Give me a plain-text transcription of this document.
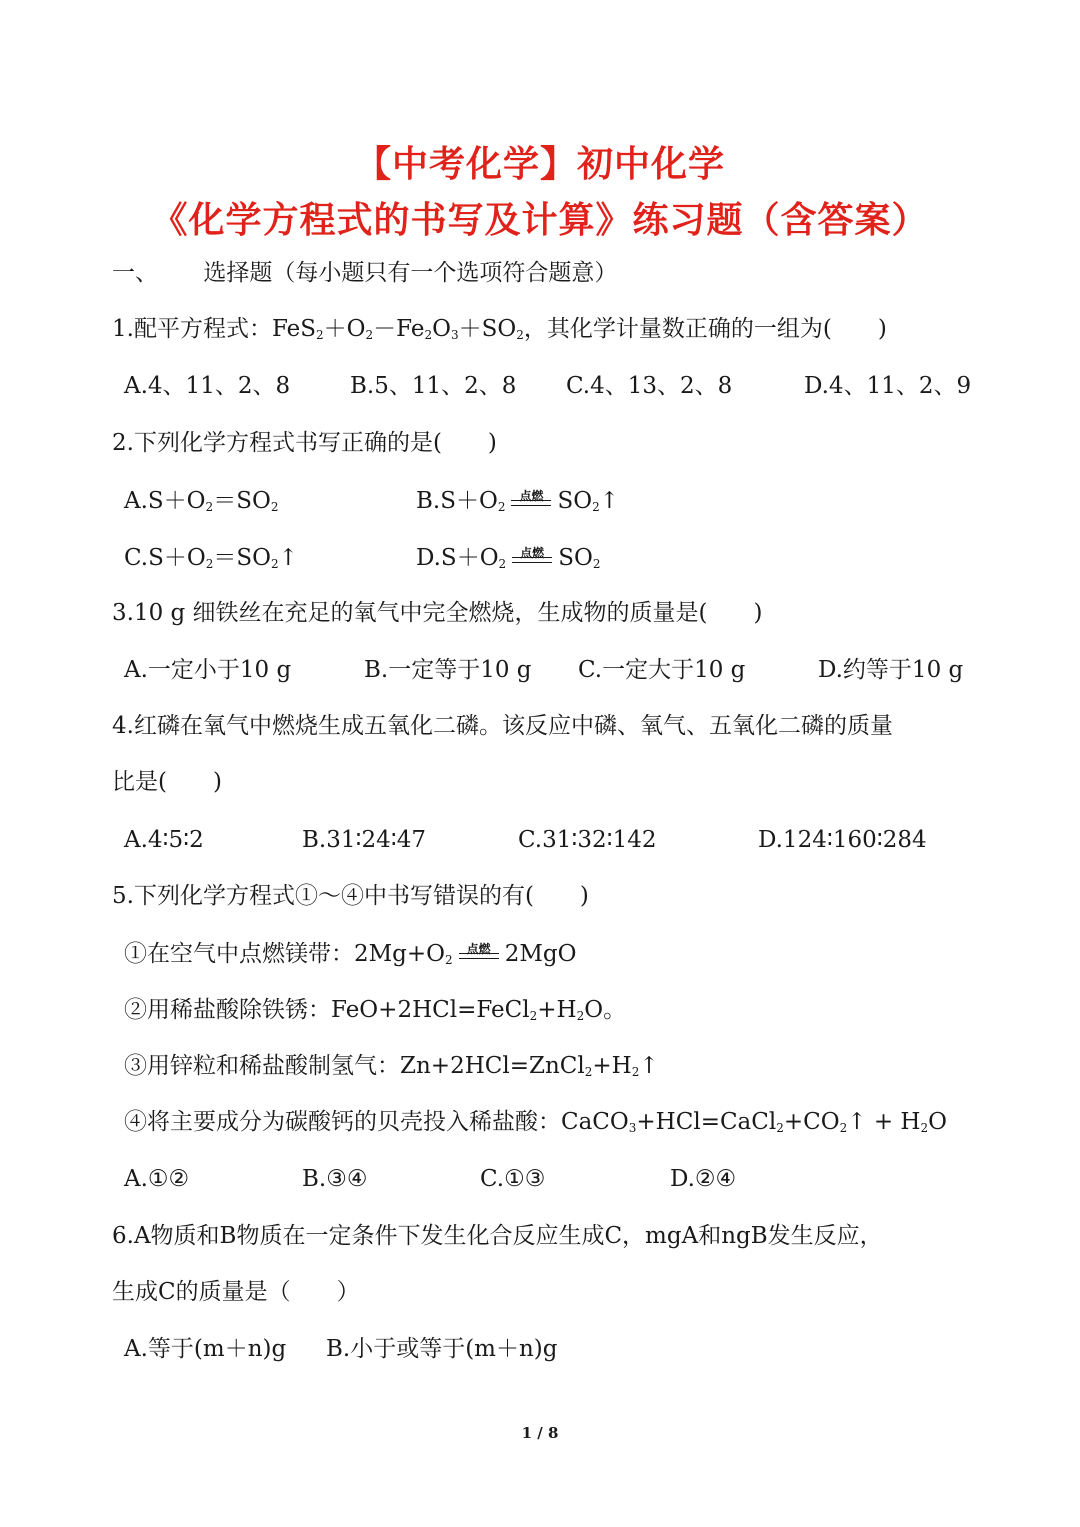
【中考化学】初中化学
《化学方程式的书写及计算》练习题（含答案）
一、 选择题（每小题只有一个选项符合题意）
1.配平方程式：$FeS_2+O_2-Fe_2O_3+SO_2$，其化学计量数正确的一组为(　　)
A.4、11、2、8	B.5、11、2、8 C.4、13、2、8	D.4、11、2、9
2.下列化学方程式书写正确的是(　　)
$A.S+O_2=SO_2$	$B.S+O_2$
点燃 $SO_2↑$
$C.S+O_2=SO_2↑$	$D.S+O_2$
点燃 $SO_2$
3.10 g 细铁丝在充足的氧气中完全燃烧，生成物的质量是(　　)
A.一定小于10 g	B.一定等于10 g C.一定大于10 g	D.约等于10 g
4.红磷在氧气中燃烧生成五氧化二磷。该反应中磷、氧气、五氧化二磷的质量
比是(　　)
A.4∶5∶2	B.31∶24∶47	C.31∶32∶142	D.124∶160∶284
5.下列化学方程式①～④中书写错误的有(　　)
①在空气中点燃镁带：$2Mg+O_2$
点燃 2MgO
②用稀盐酸除铁锈：$FeO+2HCl=FeCl_2+H_2O$。
③用锌粒和稀盐酸制氢气：$Zn+2HCl=ZnCl_2+H_2↑$
④将主要成分为碳酸钙的贝壳投入稀盐酸：$CaCO_3+HCl=CaCl_2+CO_2↑ + H_2O$
A.①②	B.③④	C.①③	D.②④
6.A物质和B物质在一定条件下发生化合反应生成C，mgA和ngB发生反应，
生成C的质量是（　　）
A.等于(m＋n)g B.小于或等于(m＋n)g
1 / 8
